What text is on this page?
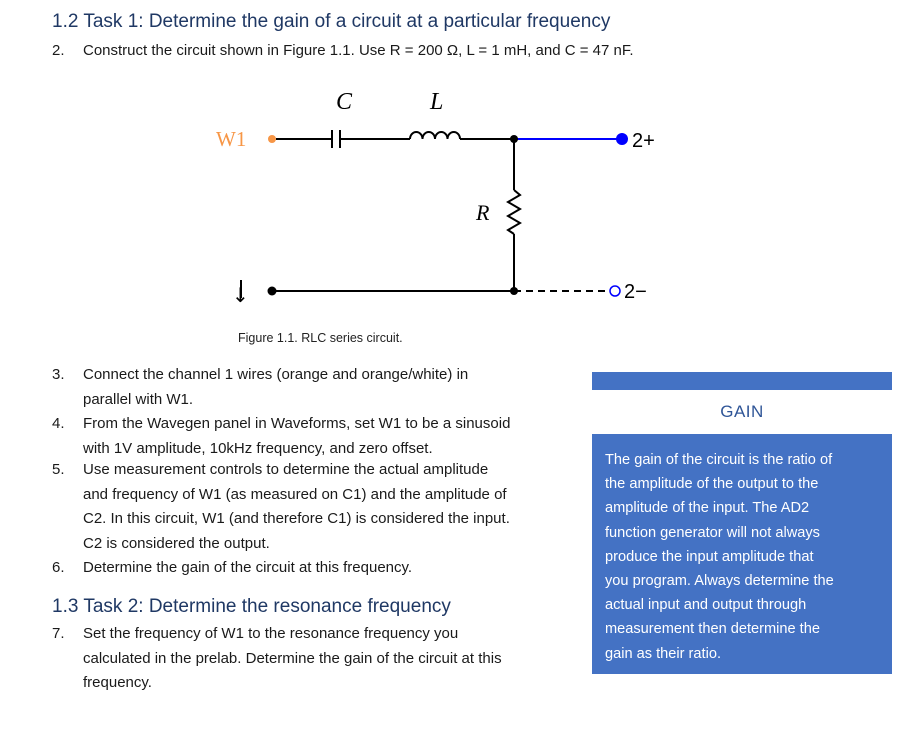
1.2 Task 1: Determine the gain of a circuit at a particular frequency
2. Construct the circuit shown in Figure 1.1. Use R = 200 Ω, L = 1 mH, and C = 47 nF.
W1
C	L
R
2+
2−
↓
Figure 1.1. RLC series circuit.
3. Connect the channel 1 wires (orange and orange/white) in
parallel with W1.
4. From the Wavegen panel in Waveforms, set W1 to be a sinusoid
with 1V amplitude, 10kHz frequency, and zero offset.
5. Use measurement controls to determine the actual amplitude
and frequency of W1 (as measured on C1) and the amplitude of
C2. In this circuit, W1 (and therefore C1) is considered the input.
C2 is considered the output.
6. Determine the gain of the circuit at this frequency.
1.3 Task 2: Determine the resonance frequency
7. Set the frequency of W1 to the resonance frequency you
calculated in the prelab. Determine the gain of the circuit at this
frequency.
GAIN

The gain of the circuit is the ratio of
the amplitude of the output to the
amplitude of the input. The AD2
function generator will not always
produce the input amplitude that
you program. Always determine the
actual input and output through
measurement then determine the
gain as their ratio.
